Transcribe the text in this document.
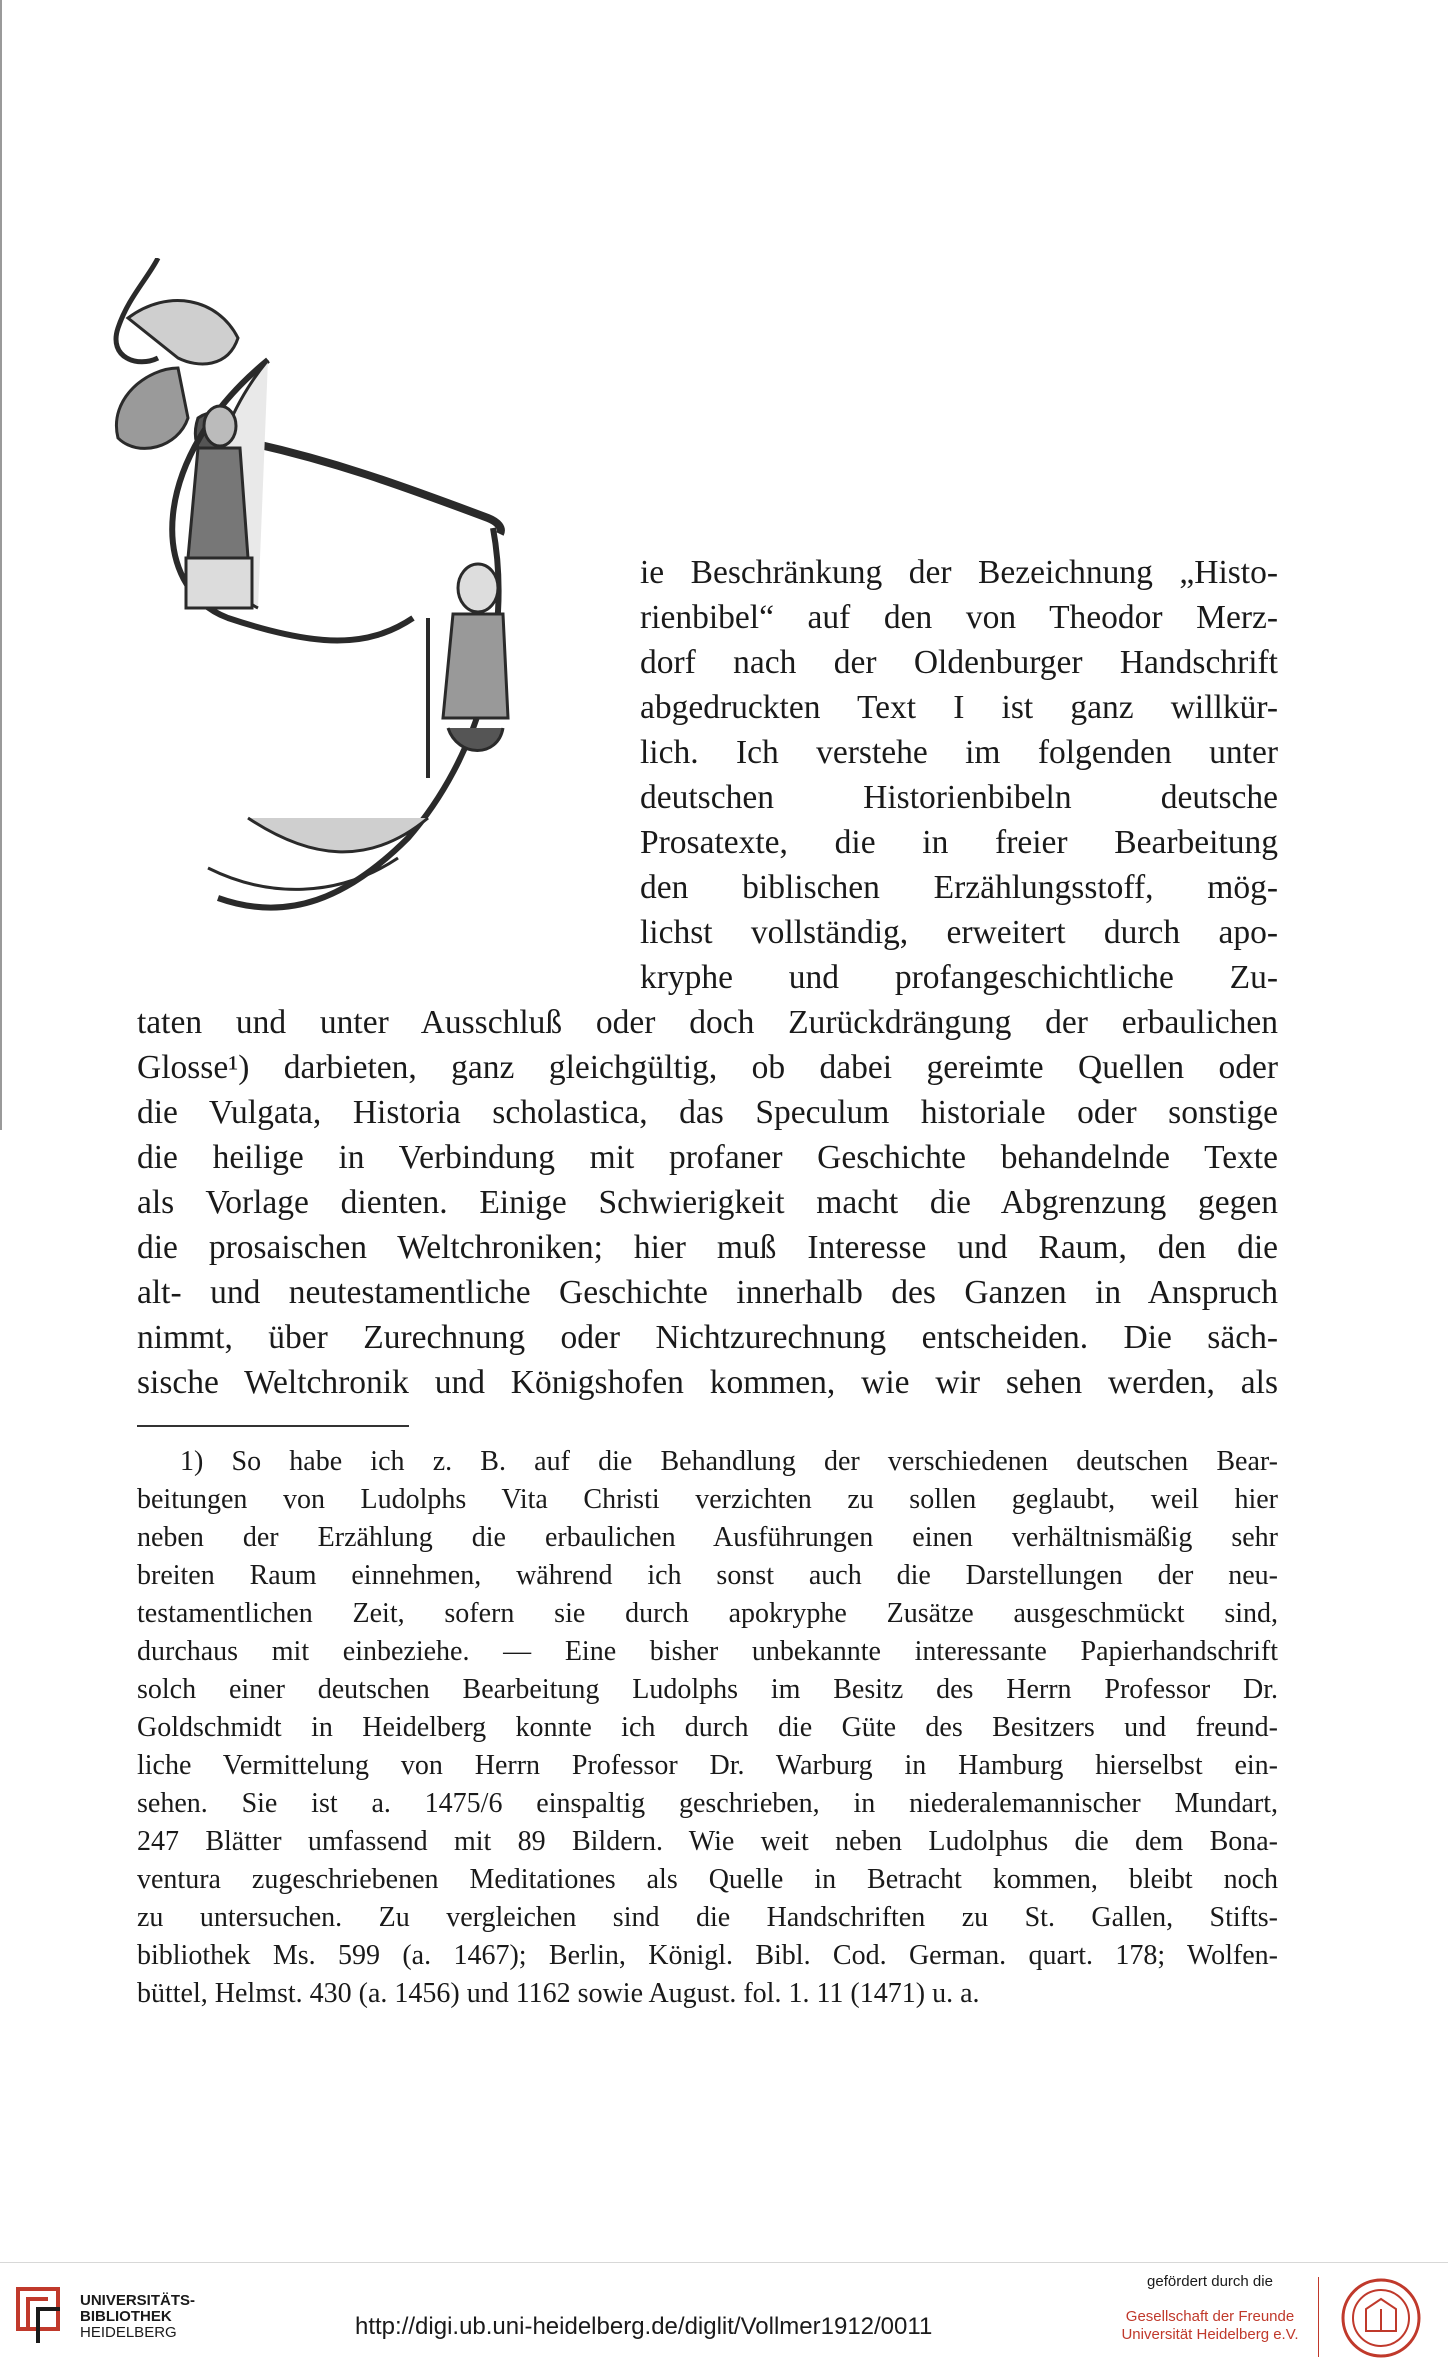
ie Beschränkung der Bezeichnung „Histo-

rienbibel“ auf den von Theodor Merz-

dorf nach der Oldenburger Handschrift

abgedruckten Text I ist ganz willkür-

lich. Ich verstehe im folgenden unter

deutschen Historienbibeln deutsche

Prosatexte, die in freier Bearbeitung

den biblischen Erzählungsstoff, mög-

lichst vollständig, erweitert durch apo-

kryphe und profangeschichtliche Zu-

taten und unter Ausschluß oder doch Zurückdrängung der erbaulichen

Glosse¹) darbieten, ganz gleichgültig, ob dabei gereimte Quellen oder

die Vulgata, Historia scholastica, das Speculum historiale oder sonstige

die heilige in Verbindung mit profaner Geschichte behandelnde Texte

als Vorlage dienten. Einige Schwierigkeit macht die Abgrenzung gegen

die prosaischen Weltchroniken; hier muß Interesse und Raum, den die

alt- und neutestamentliche Geschichte innerhalb des Ganzen in Anspruch

nimmt, über Zurechnung oder Nichtzurechnung entscheiden. Die säch-

sische Weltchronik und Königshofen kommen, wie wir sehen werden, als

1) So habe ich z. B. auf die Behandlung der verschiedenen deutschen Bear-

beitungen von Ludolphs Vita Christi verzichten zu sollen geglaubt, weil hier

neben der Erzählung die erbaulichen Ausführungen einen verhältnismäßig sehr

breiten Raum einnehmen, während ich sonst auch die Darstellungen der neu-

testamentlichen Zeit, sofern sie durch apokryphe Zusätze ausgeschmückt sind,

durchaus mit einbeziehe. — Eine bisher unbekannte interessante Papierhandschrift

solch einer deutschen Bearbeitung Ludolphs im Besitz des Herrn Professor Dr.

Goldschmidt in Heidelberg konnte ich durch die Güte des Besitzers und freund-

liche Vermittelung von Herrn Professor Dr. Warburg in Hamburg hierselbst ein-

sehen. Sie ist a. 1475/6 einspaltig geschrieben, in niederalemannischer Mundart,

247 Blätter umfassend mit 89 Bildern. Wie weit neben Ludolphus die dem Bona-

ventura zugeschriebenen Meditationes als Quelle in Betracht kommen, bleibt noch

zu untersuchen. Zu vergleichen sind die Handschriften zu St. Gallen, Stifts-

bibliothek Ms. 599 (a. 1467); Berlin, Königl. Bibl. Cod. German. quart. 178; Wolfen-

büttel, Helmst. 430 (a. 1456) und 1162 sowie August. fol. 1. 11 (1471) u. a.

UNIVERSITÄTS-
BIBLIOTHEK
HEIDELBERG	http://digi.ub.uni-heidelberg.de/diglit/Vollmer1912/0011
gefördert durch die
Gesellschaft der Freunde
Universität Heidelberg e.V.
